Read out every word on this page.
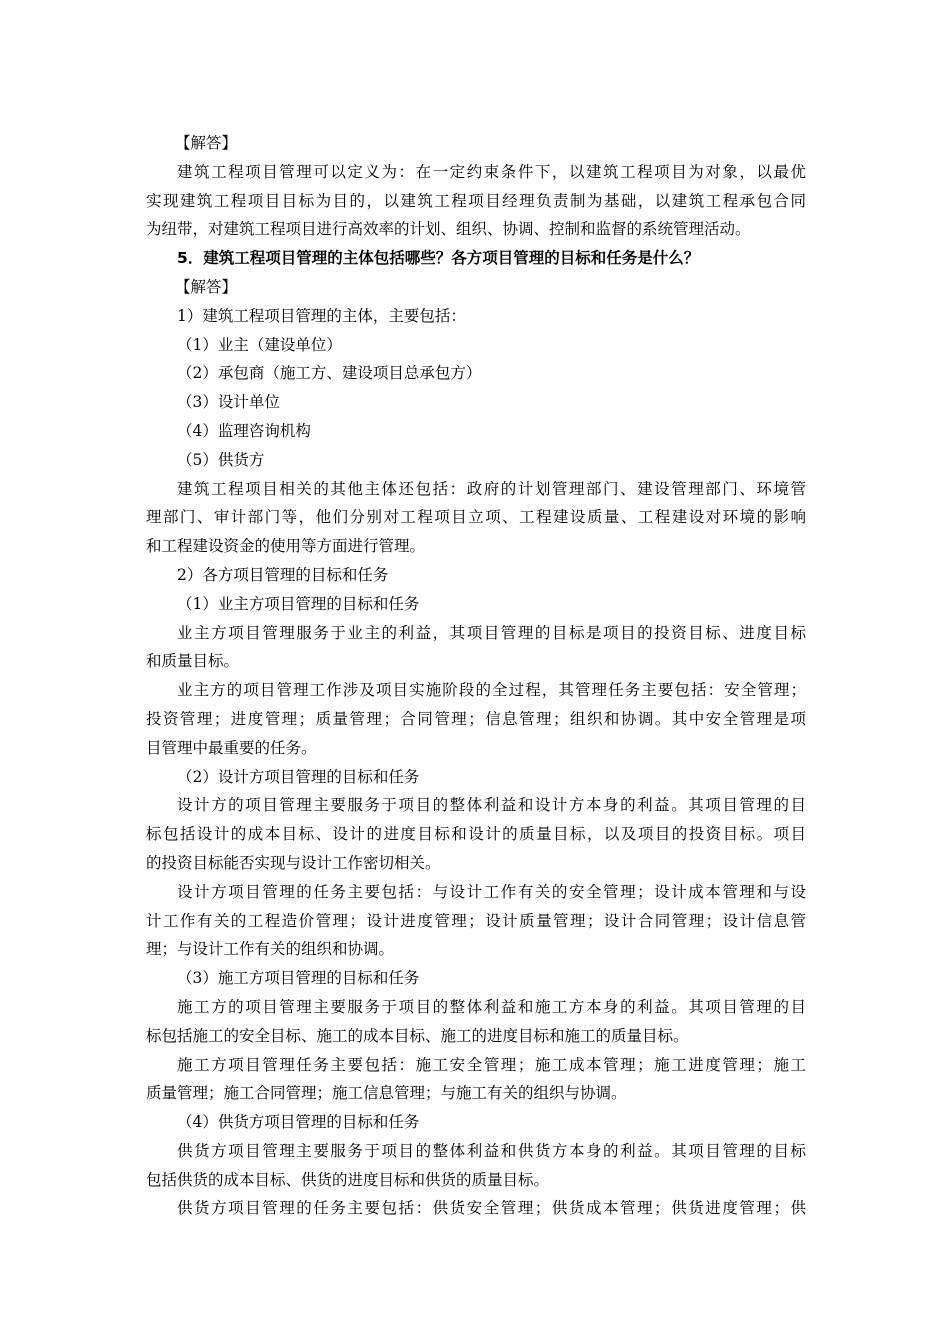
【解答】
建筑工程项目管理可以定义为：在一定约束条件下，以建筑工程项目为对象，以最优
实现建筑工程项目目标为目的，以建筑工程项目经理负责制为基础，以建筑工程承包合同
为纽带，对建筑工程项目进行高效率的计划、组织、协调、控制和监督的系统管理活动。
5．建筑工程项目管理的主体包括哪些？各方项目管理的目标和任务是什么？
【解答】
1）建筑工程项目管理的主体，主要包括：
（1）业主（建设单位）
（2）承包商（施工方、建设项目总承包方）
（3）设计单位
（4）监理咨询机构
（5）供货方
建筑工程项目相关的其他主体还包括：政府的计划管理部门、建设管理部门、环境管
理部门、审计部门等，他们分别对工程项目立项、工程建设质量、工程建设对环境的影响
和工程建设资金的使用等方面进行管理。
2）各方项目管理的目标和任务
（1）业主方项目管理的目标和任务
业主方项目管理服务于业主的利益，其项目管理的目标是项目的投资目标、进度目标
和质量目标。
业主方的项目管理工作涉及项目实施阶段的全过程，其管理任务主要包括：安全管理；
投资管理；进度管理；质量管理；合同管理；信息管理；组织和协调。其中安全管理是项
目管理中最重要的任务。
（2）设计方项目管理的目标和任务
设计方的项目管理主要服务于项目的整体利益和设计方本身的利益。其项目管理的目
标包括设计的成本目标、设计的进度目标和设计的质量目标，以及项目的投资目标。项目
的投资目标能否实现与设计工作密切相关。
设计方项目管理的任务主要包括：与设计工作有关的安全管理；设计成本管理和与设
计工作有关的工程造价管理；设计进度管理；设计质量管理；设计合同管理；设计信息管
理；与设计工作有关的组织和协调。
（3）施工方项目管理的目标和任务
施工方的项目管理主要服务于项目的整体利益和施工方本身的利益。其项目管理的目
标包括施工的安全目标、施工的成本目标、施工的进度目标和施工的质量目标。
施工方项目管理任务主要包括：施工安全管理；施工成本管理；施工进度管理；施工
质量管理；施工合同管理；施工信息管理；与施工有关的组织与协调。
（4）供货方项目管理的目标和任务
供货方项目管理主要服务于项目的整体利益和供货方本身的利益。其项目管理的目标
包括供货的成本目标、供货的进度目标和供货的质量目标。
供货方项目管理的任务主要包括：供货安全管理；供货成本管理；供货进度管理；供
